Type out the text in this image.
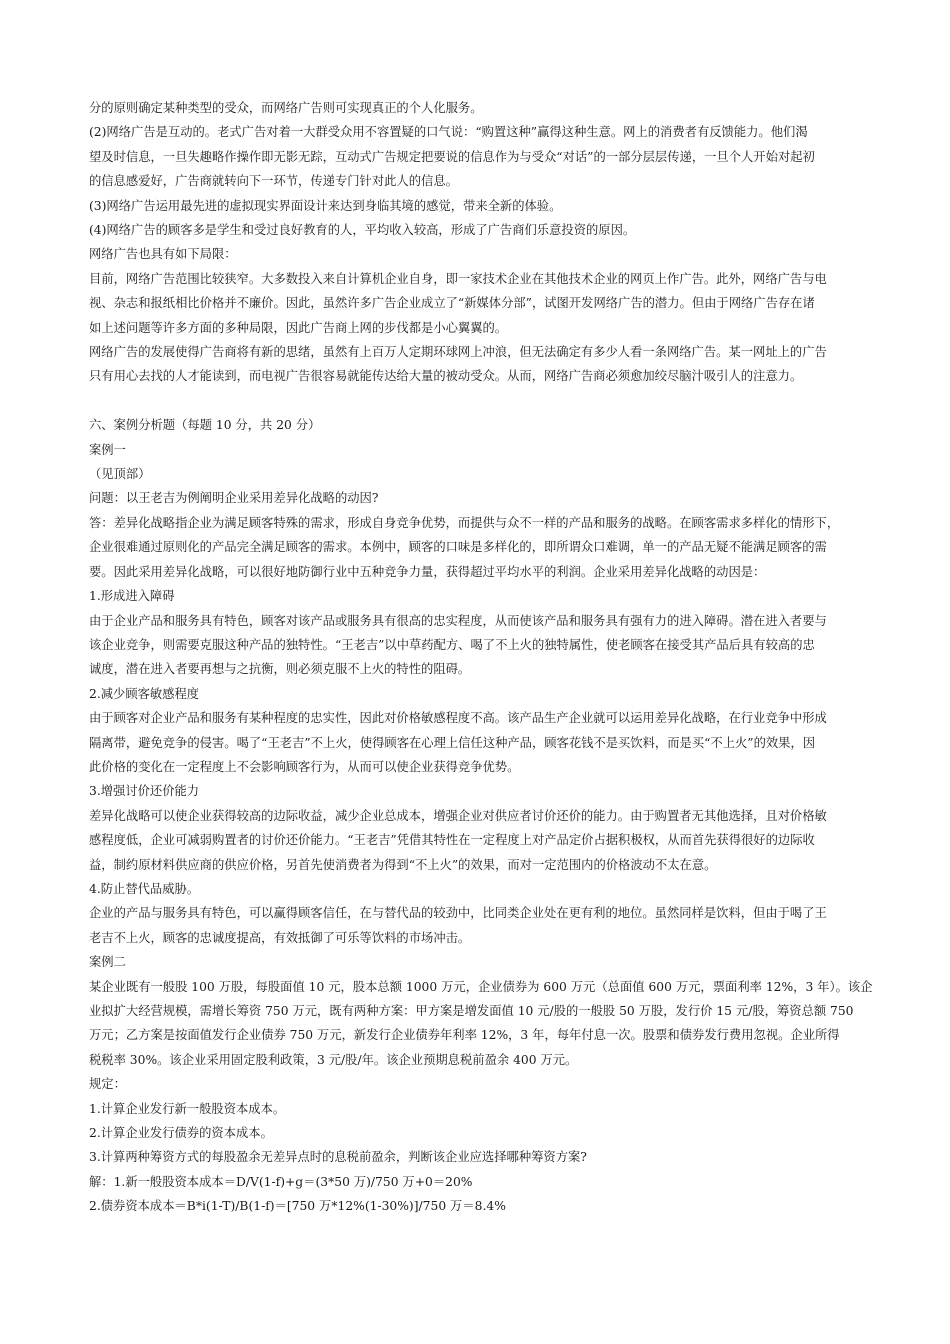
分的原则确定某种类型的受众，而网络广告则可实现真正的个人化服务。
(2)网络广告是互动的。老式广告对着一大群受众用不容置疑的口气说：“购置这种”赢得这种生意。网上的消费者有反馈能力。他们渴
望及时信息，一旦失趣略作操作即无影无踪，互动式广告规定把要说的信息作为与受众“对话”的一部分层层传递，一旦个人开始对起初
的信息感爱好，广告商就转向下一环节，传递专门针对此人的信息。
(3)网络广告运用最先进的虚拟现实界面设计来达到身临其境的感觉，带来全新的体验。
(4)网络广告的顾客多是学生和受过良好教育的人，平均收入较高，形成了广告商们乐意投资的原因。
网络广告也具有如下局限：
目前，网络广告范围比较狭窄。大多数投入来自计算机企业自身，即一家技术企业在其他技术企业的网页上作广告。此外，网络广告与电
视、杂志和报纸相比价格并不廉价。因此，虽然许多广告企业成立了“新媒体分部”，试图开发网络广告的潜力。但由于网络广告存在诸
如上述问题等许多方面的多种局限，因此广告商上网的步伐都是小心翼翼的。
网络广告的发展使得广告商将有新的思绪，虽然有上百万人定期环球网上冲浪，但无法确定有多少人看一条网络广告。某一网址上的广告
只有用心去找的人才能读到，而电视广告很容易就能传达给大量的被动受众。从而，网络广告商必须愈加绞尽脑汁吸引人的注意力。
六、案例分析题（每题 10 分，共 20 分）
案例一
（见顶部）
问题：以王老吉为例阐明企业采用差异化战略的动因?
答：差异化战略指企业为满足顾客特殊的需求，形成自身竞争优势，而提供与众不一样的产品和服务的战略。在顾客需求多样化的情形下，
企业很难通过原则化的产品完全满足顾客的需求。本例中，顾客的口味是多样化的，即所谓众口难调，单一的产品无疑不能满足顾客的需
要。因此采用差异化战略，可以很好地防御行业中五种竞争力量，获得超过平均水平的利润。企业采用差异化战略的动因是：
1.形成进入障碍
由于企业产品和服务具有特色，顾客对该产品或服务具有很高的忠实程度，从而使该产品和服务具有强有力的进入障碍。潜在进入者要与
该企业竞争，则需要克服这种产品的独特性。“王老吉”以中草药配方、喝了不上火的独特属性，使老顾客在接受其产品后具有较高的忠
诚度，潜在进入者要再想与之抗衡，则必须克服不上火的特性的阻碍。
2.减少顾客敏感程度
由于顾客对企业产品和服务有某种程度的忠实性，因此对价格敏感程度不高。该产品生产企业就可以运用差异化战略，在行业竞争中形成
隔离带，避免竞争的侵害。喝了“王老吉”不上火，使得顾客在心理上信任这种产品，顾客花钱不是买饮料，而是买“不上火”的效果，因
此价格的变化在一定程度上不会影响顾客行为，从而可以使企业获得竞争优势。
3.增强讨价还价能力
差异化战略可以使企业获得较高的边际收益，减少企业总成本，增强企业对供应者讨价还价的能力。由于购置者无其他选择，且对价格敏
感程度低，企业可减弱购置者的讨价还价能力。“王老吉”凭借其特性在一定程度上对产品定价占据积极权，从而首先获得很好的边际收
益，制约原材料供应商的供应价格，另首先使消费者为得到“不上火”的效果，而对一定范围内的价格波动不太在意。
4.防止替代品威胁。
企业的产品与服务具有特色，可以赢得顾客信任，在与替代品的较劲中，比同类企业处在更有利的地位。虽然同样是饮料，但由于喝了王
老吉不上火，顾客的忠诚度提高，有效抵御了可乐等饮料的市场冲击。
案例二
某企业既有一般股 100 万股，每股面值 10 元，股本总额 1000 万元，企业债券为 600 万元（总面值 600 万元，票面利率 12%，3 年）。该企
业拟扩大经营规模，需增长筹资 750 万元，既有两种方案：甲方案是增发面值 10 元/股的一般股 50 万股，发行价 15 元/股，筹资总额 750
万元；乙方案是按面值发行企业债券 750 万元，新发行企业债券年利率 12%，3 年，每年付息一次。股票和债券发行费用忽视。企业所得
税税率 30%。该企业采用固定股利政策，3 元/股/年。该企业预期息税前盈余 400 万元。
规定：
1.计算企业发行新一般股资本成本。
2.计算企业发行债券的资本成本。
3.计算两种筹资方式的每股盈余无差异点时的息税前盈余，判断该企业应选择哪种筹资方案?
解：1.新一般股资本成本＝D/V(1-f)+g＝(3*50 万)/750 万+0＝20%
2.债券资本成本＝B*i(1-T)/B(1-f)＝[750 万*12%(1-30%)]/750 万＝8.4%
